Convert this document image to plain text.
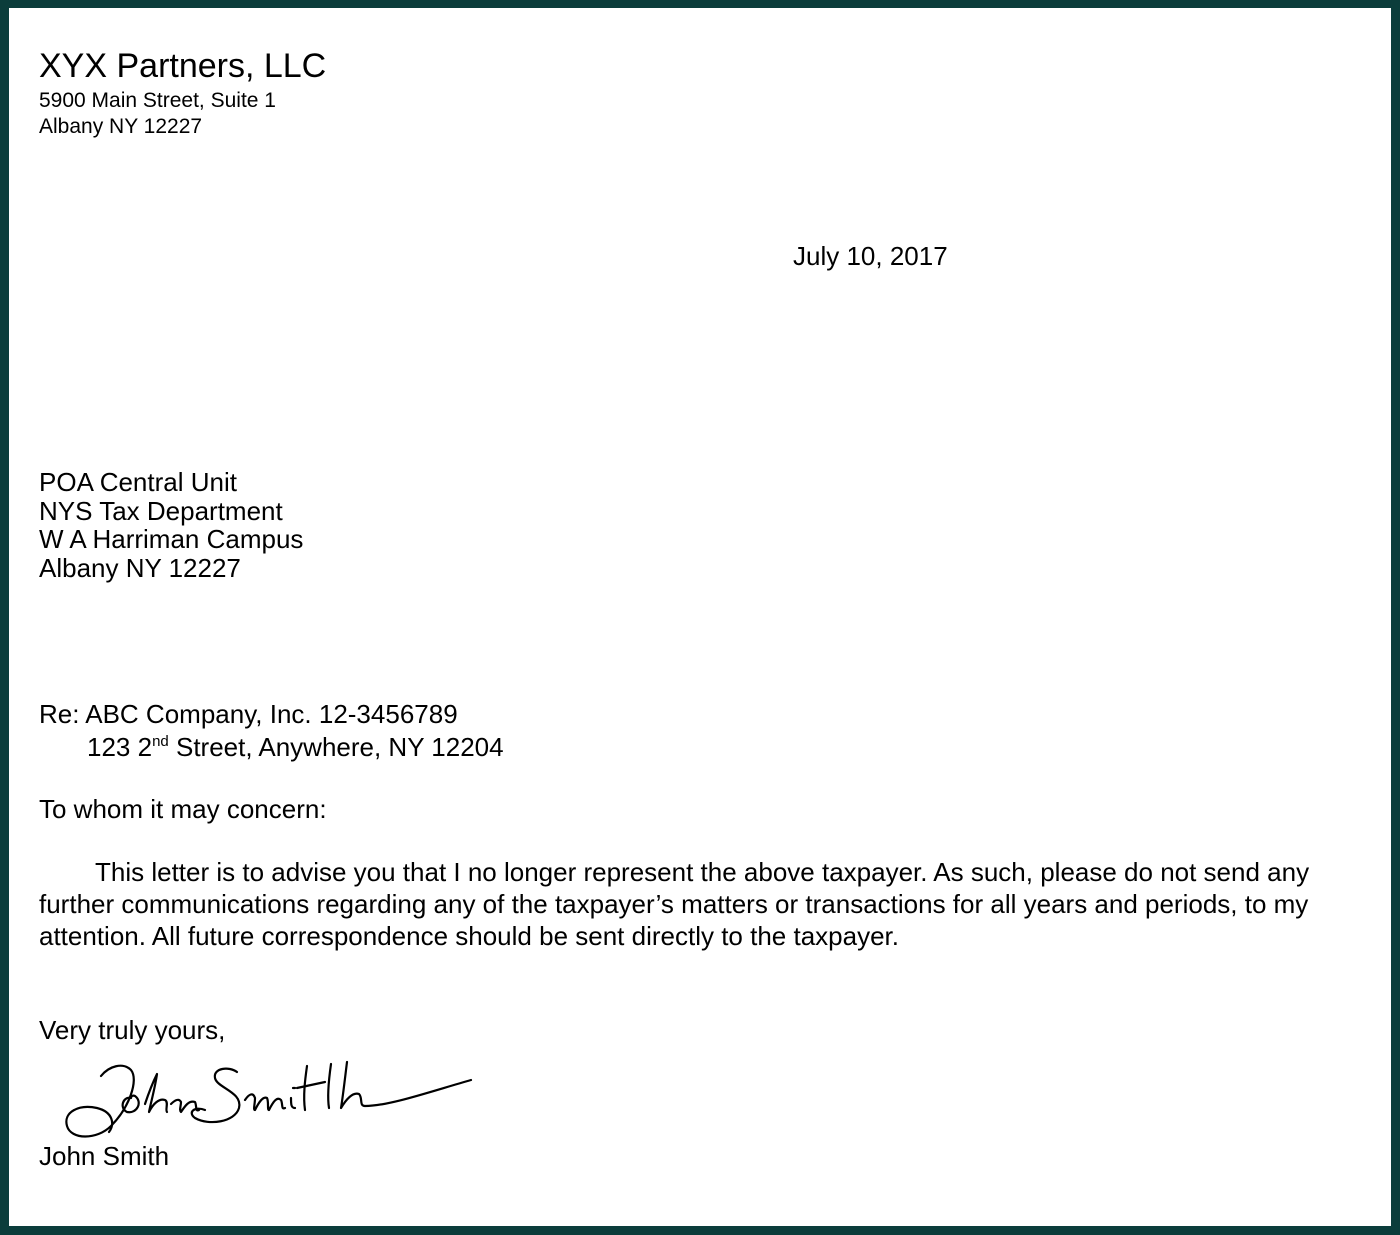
XYX Partners, LLC
5900 Main Street, Suite 1
Albany NY 12227
July 10, 2017
POA Central Unit
NYS Tax Department
W A Harriman Campus
Albany NY 12227
Re: ABC Company, Inc. 12-3456789
123 2nd Street, Anywhere, NY 12204
To whom it may concern:
This letter is to advise you that I no longer represent the above taxpayer. As such, please do not send any further communications regarding any of the taxpayer’s matters or transactions for all years and periods, to my attention. All future correspondence should be sent directly to the taxpayer.
Very truly yours,
John Smith
John Smith
